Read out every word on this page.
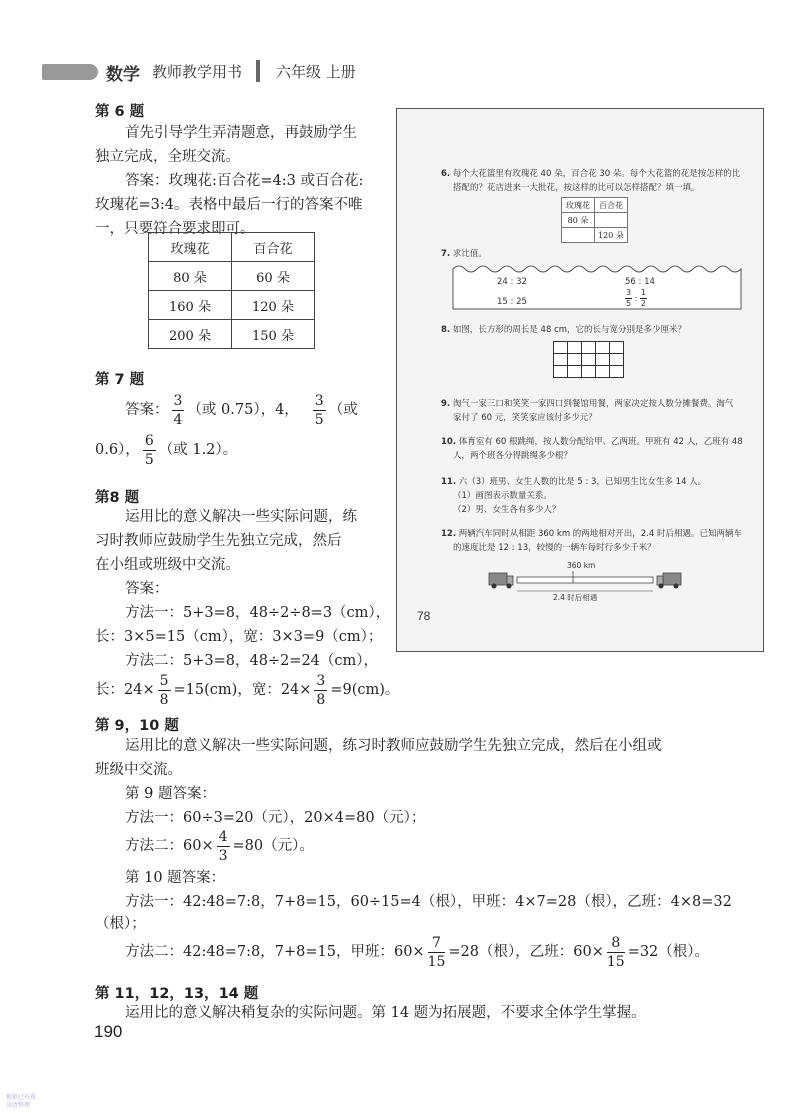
数学 教师教学用书 六年级 上册
第 6 题
首先引导学生弄清题意，再鼓励学生
独立完成，全班交流。
答案：玫瑰花:百合花=4:3 或百合花:
玫瑰花=3:4。表格中最后一行的答案不唯
一，只要符合要求即可。
玫瑰花	百合花
80 朵	60 朵
160 朵	120 朵
200 朵	150 朵
第 7 题
答案： $\frac{3}{4}$ （或 0.75），4， $\frac{3}{5}$ （或
0.6）， $\frac{6}{5}$ （或 1.2）。
第8 题
运用比的意义解决一些实际问题，练
习时教师应鼓励学生先独立完成，然后
在小组或班级中交流。
答案：
方法一：5+3=8，48÷2÷8=3（cm），
长：3×5=15（cm），宽：3×3=9（cm）；
方法二：5+3=8，48÷2=24（cm），
长：$24\times \frac{5}{8} =15(cm)$，宽：$24\times \frac{3}{8} =9(cm)$。
第 9，10 题
运用比的意义解决一些实际问题，练习时教师应鼓励学生先独立完成，然后在小组或
班级中交流。
第 9 题答案：
方法一：60÷3=20（元），20×4=80（元）；
方法二：$60\times \frac{4}{3} =80$（元）。
第 10 题答案：
方法一：42:48=7:8，7+8=15，60÷15=4（根），甲班：4×7=28（根），乙班：4×8=32
（根）；
方法二：42:48=7:8，7+8=15，甲班：$60\times \frac{7}{15} =28$（根），乙班：$60\times \frac{8}{15} =32$（根）。
第 11，12，13，14 题
运用比的意义解决稍复杂的实际问题。第 14 题为拓展题，不要求全体学生掌握。
6. 每个大花篮里有玫瑰花 40 朵，百合花 30 朵。每个大花篮的花是按怎样的比
搭配的？花店进来一大批花，按这样的比可以怎样搭配？填一填。
玫瑰花	百合花
80 朵	
	120 朵
7. 求比值。
24 : 32	56 : 14
15 : 25	$\frac{3}{5}$ : $\frac{1}{2}$
8. 如图，长方形的周长是 48 cm，它的长与宽分别是多少厘米？

9. 淘气一家三口和笑笑一家四口到餐馆用餐，两家决定按人数分摊餐费。淘气
家付了 60 元，笑笑家应该付多少元？
10. 体育室有 60 根跳绳，按人数分配给甲、乙两班。甲班有 42 人，乙班有 48
人，两个班各分得跳绳多少根？
11. 六（3）班男、女生人数的比是 5 : 3，已知男生比女生多 14 人。
（1）画图表示数量关系。
（2）男、女生各有多少人？
12. 两辆汽车同时从相距 360 km 的两地相对开出，2.4 时后相遇。已知两辆车
的速度比是 12 : 13，较慢的一辆车每时行多少千米？
360 km
2.4 时后相遇
78
190
根据已有资
高清整理
